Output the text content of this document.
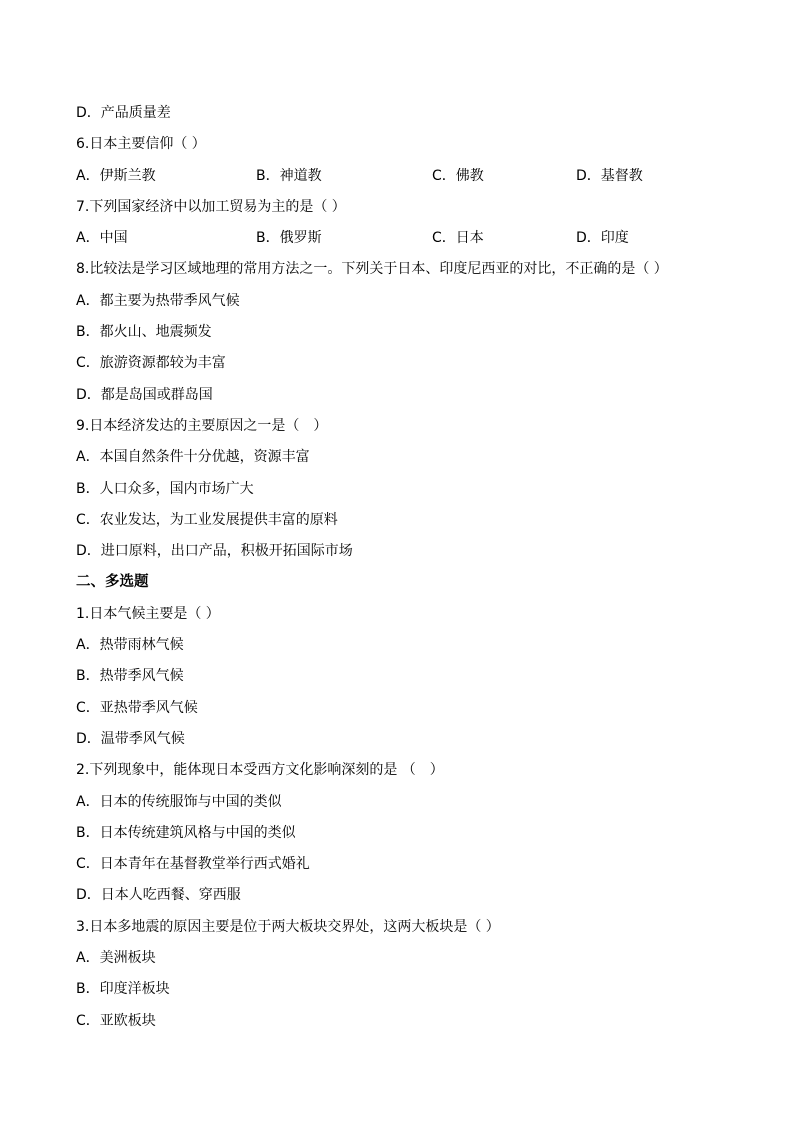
D．产品质量差
6.日本主要信仰（ ）
A．伊斯兰教	B．神道教	C．佛教	D．基督教
7.下列国家经济中以加工贸易为主的是（ ）
A．中国	B．俄罗斯	C．日本	D．印度
8.比较法是学习区域地理的常用方法之一。下列关于日本、印度尼西亚的对比，不正确的是（ ）
A．都主要为热带季风气候
B．都火山、地震频发
C．旅游资源都较为丰富
D．都是岛国或群岛国
9.日本经济发达的主要原因之一是（　）
A．本国自然条件十分优越，资源丰富
B．人口众多，国内市场广大
C．农业发达，为工业发展提供丰富的原料
D．进口原料，出口产品，积极开拓国际市场
二、多选题
1.日本气候主要是（ ）
A．热带雨林气候
B．热带季风气候
C．亚热带季风气候
D．温带季风气候
2.下列现象中，能体现日本受西方文化影响深刻的是 （　）
A．日本的传统服饰与中国的类似
B．日本传统建筑风格与中国的类似
C．日本青年在基督教堂举行西式婚礼
D．日本人吃西餐、穿西服
3.日本多地震的原因主要是位于两大板块交界处，这两大板块是（ ）
A．美洲板块
B．印度洋板块
C．亚欧板块
